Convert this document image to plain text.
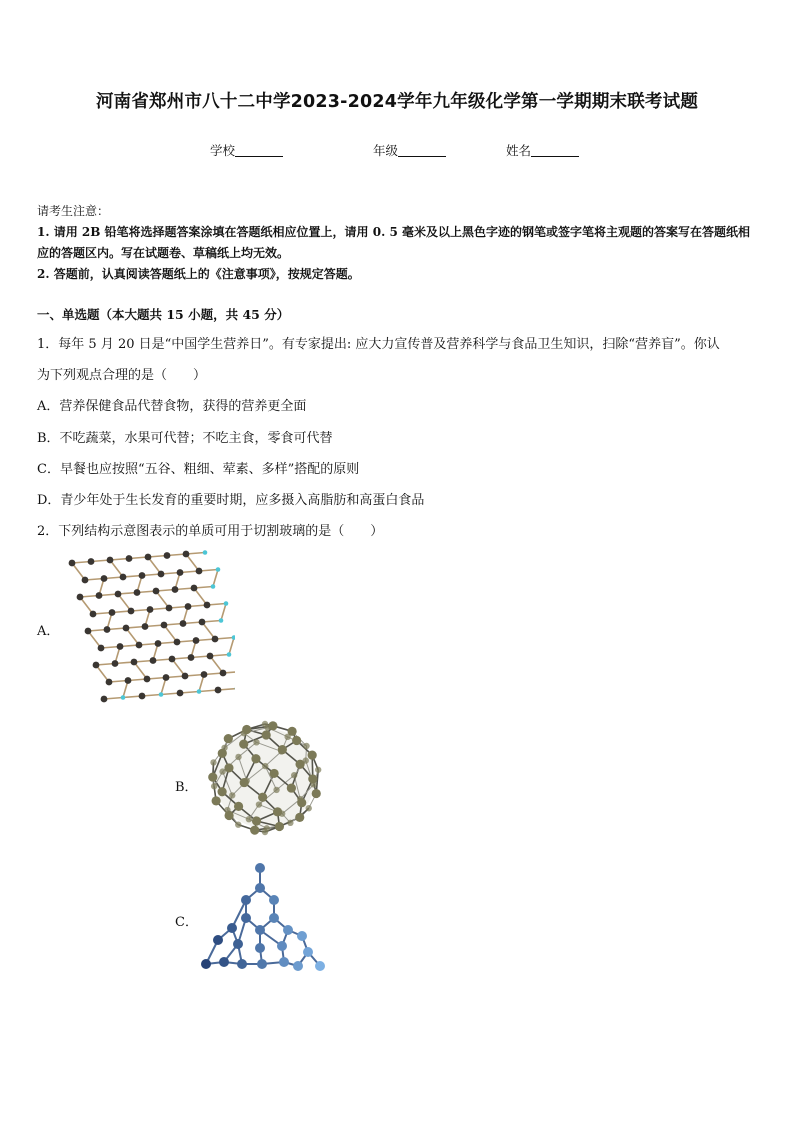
河南省郑州市八十二中学2023-2024学年九年级化学第一学期期末联考试题
学校	年级	姓名
请考生注意：
1. 请用 2B 铅笔将选择题答案涂填在答题纸相应位置上，请用 0. 5 毫米及以上黑色字迹的钢笔或签字笔将主观题的答案写在答题纸相应的答题区内。写在试题卷、草稿纸上均无效。
2. 答题前，认真阅读答题纸上的《注意事项》，按规定答题。
一、单选题（本大题共 15 小题，共 45 分）
1．每年 5 月 20 日是“中国学生营养日”。有专家提出: 应大力宣传普及营养科学与食品卫生知识，扫除“营养盲”。你认
为下列观点合理的是（　　）
A．营养保健食品代替食物，获得的营养更全面
B．不吃蔬菜，水果可代替；不吃主食，零食可代替
C．早餐也应按照“五谷、粗细、荤素、多样”搭配的原则
D．青少年处于生长发育的重要时期，应多摄入高脂肪和高蛋白食品
2．下列结构示意图表示的单质可用于切割玻璃的是（　　）
A．
B．
C．
